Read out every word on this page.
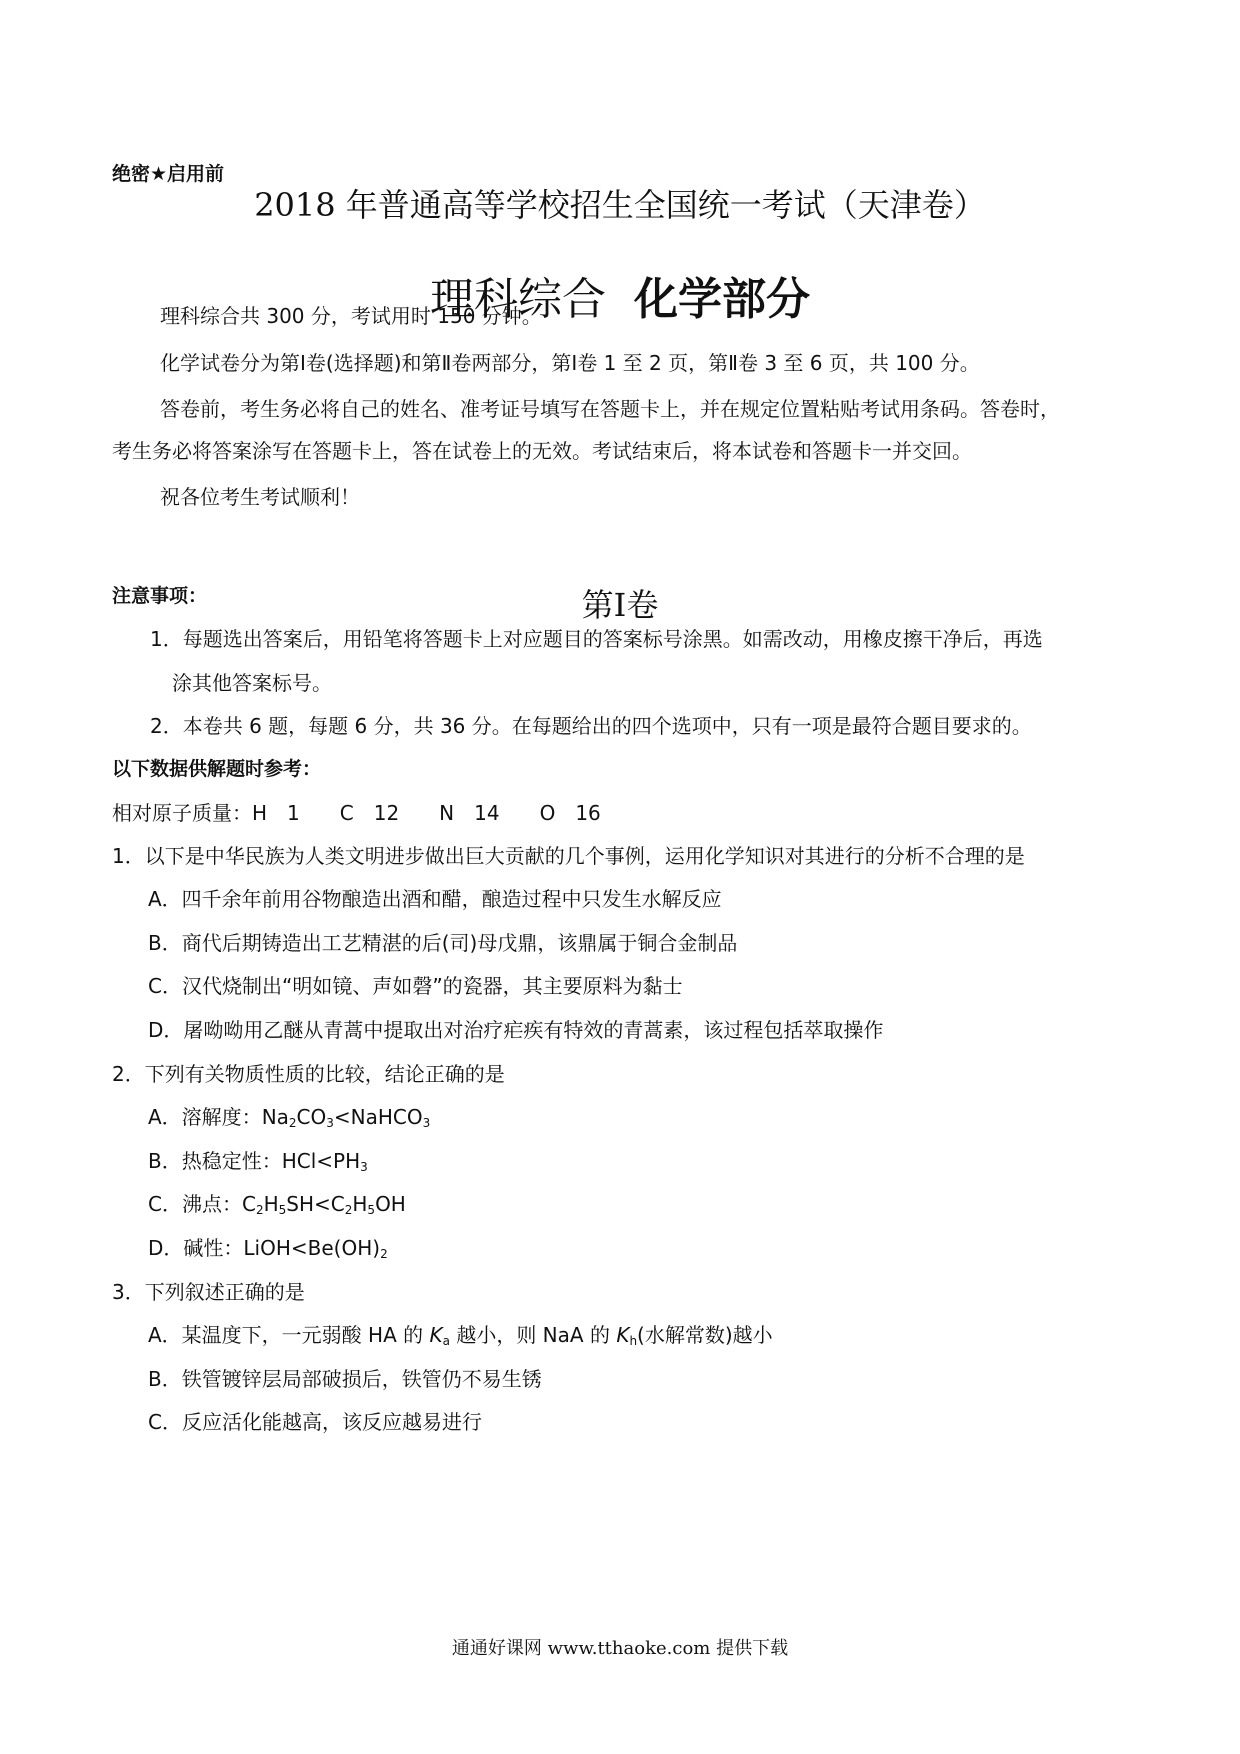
绝密★启用前
2018 年普通高等学校招生全国统一考试（天津卷）
理科综合 化学部分
理科综合共 300 分，考试用时 150 分钟。
化学试卷分为第Ⅰ卷(选择题)和第Ⅱ卷两部分，第Ⅰ卷 1 至 2 页，第Ⅱ卷 3 至 6 页，共 100 分。
答卷前，考生务必将自己的姓名、准考证号填写在答题卡上，并在规定位置粘贴考试用条码。答卷时，
考生务必将答案涂写在答题卡上，答在试卷上的无效。考试结束后，将本试卷和答题卡一并交回。
祝各位考生考试顺利！
第Ⅰ卷
注意事项：
1．每题选出答案后，用铅笔将答题卡上对应题目的答案标号涂黑。如需改动，用橡皮擦干净后，再选
涂其他答案标号。
2．本卷共 6 题，每题 6 分，共 36 分。在每题给出的四个选项中，只有一项是最符合题目要求的。
以下数据供解题时参考：
相对原子质量：H　1　　C　12　　N　14　　O　16
1．以下是中华民族为人类文明进步做出巨大贡献的几个事例，运用化学知识对其进行的分析不合理的是
A．四千余年前用谷物酿造出酒和醋，酿造过程中只发生水解反应
B．商代后期铸造出工艺精湛的后(司)母戊鼎，该鼎属于铜合金制品
C．汉代烧制出“明如镜、声如磬”的瓷器，其主要原料为黏士
D．屠呦呦用乙醚从青蒿中提取出对治疗疟疾有特效的青蒿素，该过程包括萃取操作
2．下列有关物质性质的比较，结论正确的是
A．溶解度：$Na_2CO_3<NaHCO_3$
B．热稳定性：$HCl<PH_3$
C．沸点：$C_2H_5SH<C_2H_5OH$
D．碱性：$LiOH<Be(OH)_2$
3．下列叙述正确的是
A．某温度下，一元弱酸 HA 的 $K_a$ 越小，则 NaA 的 $K_h$(水解常数)越小
B．铁管镀锌层局部破损后，铁管仍不易生锈
C．反应活化能越高，该反应越易进行
通通好课网 www.tthaoke.com 提供下载
